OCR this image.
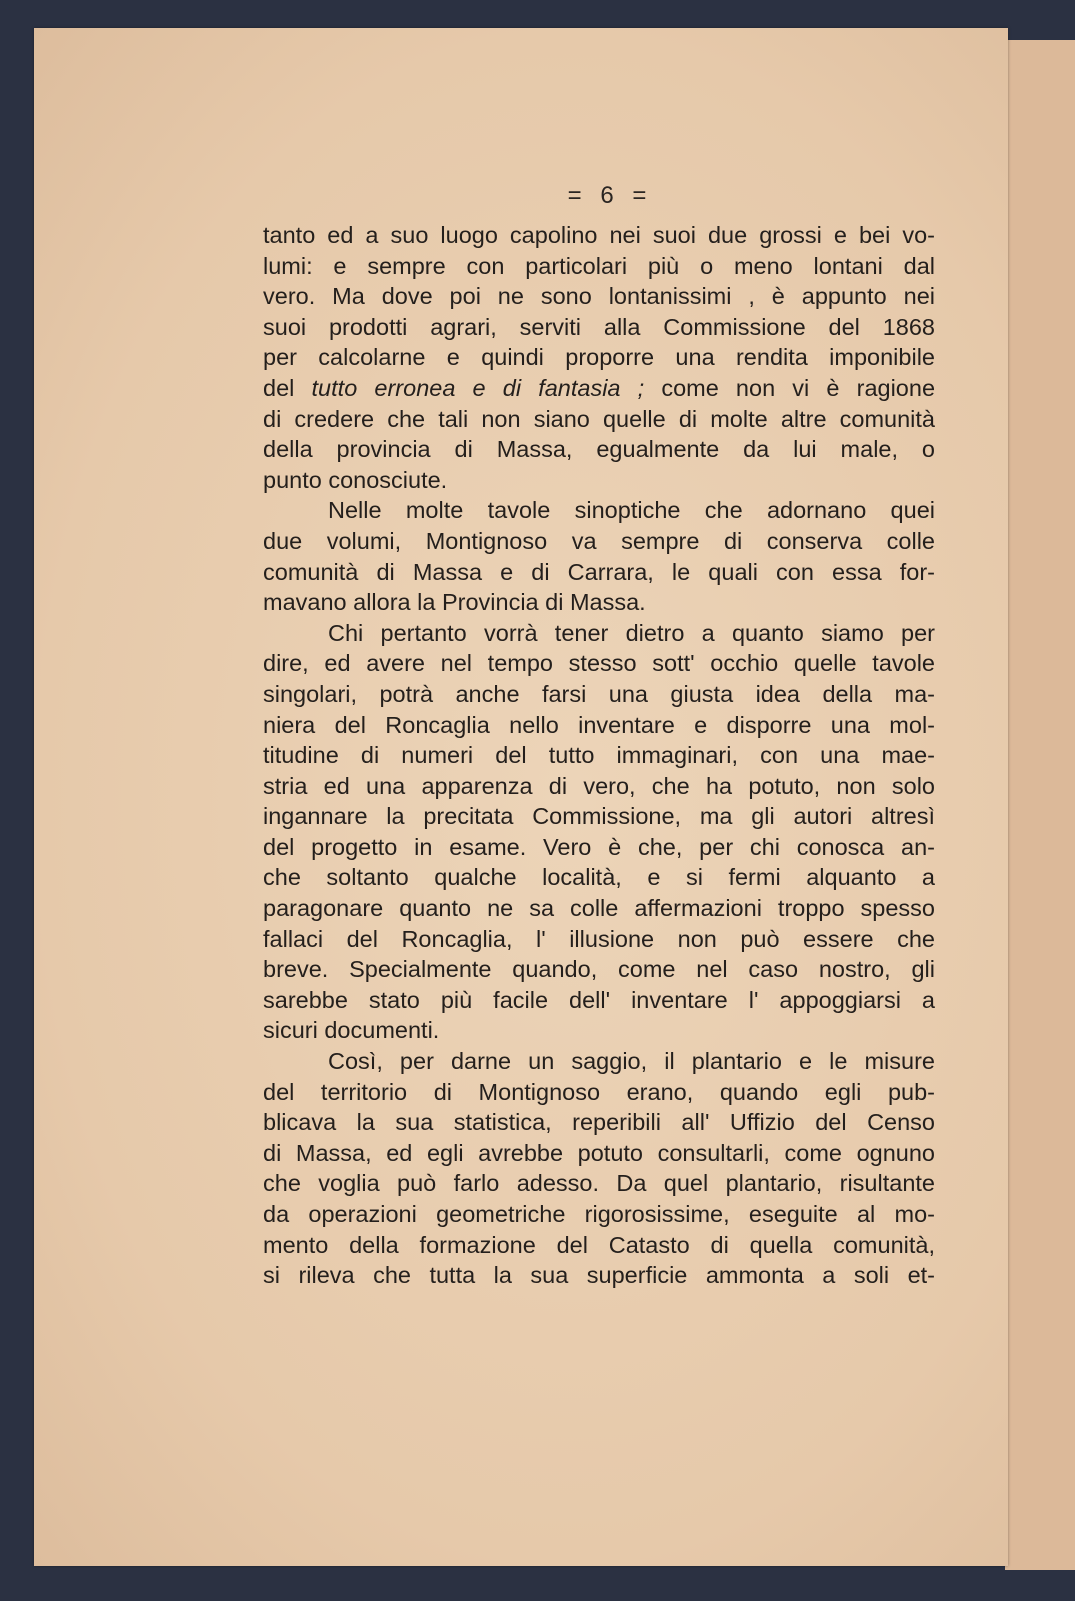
= 6 =
tanto ed a suo luogo capolino nei suoi due grossi e bei vo-
lumi: e sempre con particolari più o meno lontani dal
vero. Ma dove poi ne sono lontanissimi , è appunto nei
suoi prodotti agrari, serviti alla Commissione del 1868
per calcolarne e quindi proporre una rendita imponibile
del tutto erronea e di fantasia ; come non vi è ragione
di credere che tali non siano quelle di molte altre comunità
della provincia di Massa, egualmente da lui male, o
punto conosciute.
Nelle molte tavole sinoptiche che adornano quei
due volumi, Montignoso va sempre di conserva colle
comunità di Massa e di Carrara, le quali con essa for-
mavano allora la Provincia di Massa.
Chi pertanto vorrà tener dietro a quanto siamo per
dire, ed avere nel tempo stesso sott' occhio quelle tavole
singolari, potrà anche farsi una giusta idea della ma-
niera del Roncaglia nello inventare e disporre una mol-
titudine di numeri del tutto immaginari, con una mae-
stria ed una apparenza di vero, che ha potuto, non solo
ingannare la precitata Commissione, ma gli autori altresì
del progetto in esame. Vero è che, per chi conosca an-
che soltanto qualche località, e si fermi alquanto a
paragonare quanto ne sa colle affermazioni troppo spesso
fallaci del Roncaglia, l' illusione non può essere che
breve. Specialmente quando, come nel caso nostro, gli
sarebbe stato più facile dell' inventare l' appoggiarsi a
sicuri documenti.
Così, per darne un saggio, il plantario e le misure
del territorio di Montignoso erano, quando egli pub-
blicava la sua statistica, reperibili all' Uffizio del Censo
di Massa, ed egli avrebbe potuto consultarli, come ognuno
che voglia può farlo adesso. Da quel plantario, risultante
da operazioni geometriche rigorosissime, eseguite al mo-
mento della formazione del Catasto di quella comunità,
si rileva che tutta la sua superficie ammonta a soli et-
